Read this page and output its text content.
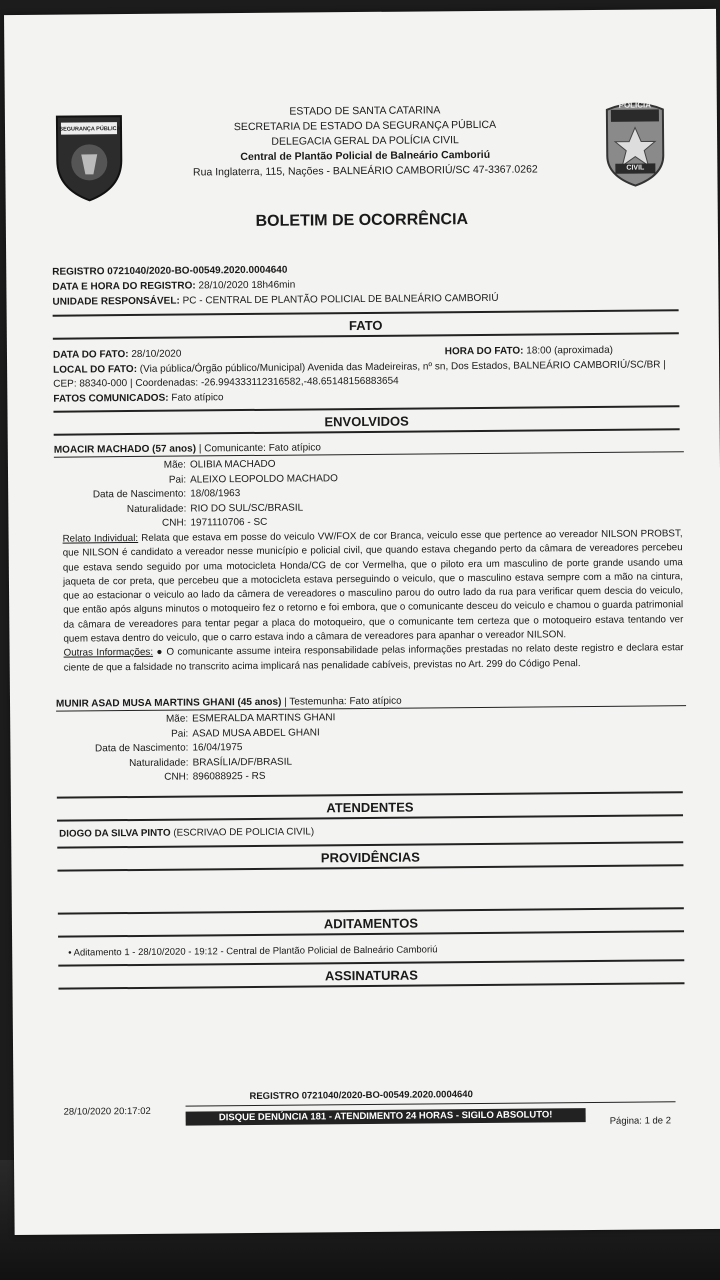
SEGURANÇA PÚBLICA
POLÍCIA
CIVIL
ESTADO DE SANTA CATARINA
SECRETARIA DE ESTADO DA SEGURANÇA PÚBLICA
DELEGACIA GERAL DA POLÍCIA CIVIL
Central de Plantão Policial de Balneário Camboriú
Rua Inglaterra, 115, Nações - BALNEÁRIO CAMBORIÚ/SC 47-3367.0262
BOLETIM DE OCORRÊNCIA
REGISTRO 0721040/2020-BO-00549.2020.0004640
DATA E HORA DO REGISTRO: 28/10/2020 18h46min
UNIDADE RESPONSÁVEL: PC - CENTRAL DE PLANTÃO POLICIAL DE BALNEÁRIO CAMBORIÚ
FATO
DATA DO FATO: 28/10/2020	HORA DO FATO: 18:00 (aproximada)
LOCAL DO FATO: (Via pública/Órgão público/Municipal) Avenida das Madeireiras, nº sn, Dos Estados, BALNEÁRIO CAMBORIÚ/SC/BR |
CEP: 88340-000 | Coordenadas: -26.994333112316582,-48.65148156883654
FATOS COMUNICADOS: Fato atípico
ENVOLVIDOS
MOACIR MACHADO (57 anos) | Comunicante: Fato atípico
Mãe: OLIBIA MACHADO
Pai: ALEIXO LEOPOLDO MACHADO
Data de Nascimento: 18/08/1963
Naturalidade: RIO DO SUL/SC/BRASIL
CNH: 1971110706 - SC
Relato Individual: Relata que estava em posse do veiculo VW/FOX de cor Branca, veiculo esse que pertence ao vereador NILSON PROBST, que NILSON é candidato a vereador nesse município e policial civil, que quando estava chegando perto da câmara de vereadores percebeu que estava sendo seguido por uma motocicleta Honda/CG de cor Vermelha, que o piloto era um masculino de porte grande usando uma jaqueta de cor preta, que percebeu que a motocicleta estava perseguindo o veiculo, que o masculino estava sempre com a mão na cintura, que ao estacionar o veiculo ao lado da câmera de vereadores o masculino parou do outro lado da rua para verificar quem descia do veiculo, que então após alguns minutos o motoqueiro fez o retorno e foi embora, que o comunicante desceu do veiculo e chamou o guarda patrimonial da câmara de vereadores para tentar pegar a placa do motoqueiro, que o comunicante tem certeza que o motoqueiro estava tentando ver quem estava dentro do veiculo, que o carro estava indo a câmara de vereadores para apanhar o vereador NILSON.
Outras Informações: ● O comunicante assume inteira responsabilidade pelas informações prestadas no relato deste registro e declara estar ciente de que a falsidade no transcrito acima implicará nas penalidade cabíveis, previstas no Art. 299 do Código Penal.
MUNIR ASAD MUSA MARTINS GHANI (45 anos) | Testemunha: Fato atípico
Mãe: ESMERALDA MARTINS GHANI
Pai: ASAD MUSA ABDEL GHANI
Data de Nascimento: 16/04/1975
Naturalidade: BRASÍLIA/DF/BRASIL
CNH: 896088925 - RS
ATENDENTES
DIOGO DA SILVA PINTO (ESCRIVAO DE POLICIA CIVIL)
PROVIDÊNCIAS
ADITAMENTOS
• Aditamento 1 - 28/10/2020 - 19:12 - Central de Plantão Policial de Balneário Camboriú
ASSINATURAS
REGISTRO 0721040/2020-BO-00549.2020.0004640
28/10/2020 20:17:02	DISQUE DENÚNCIA 181 - ATENDIMENTO 24 HORAS - SIGILO ABSOLUTO!	Página: 1 de 2
